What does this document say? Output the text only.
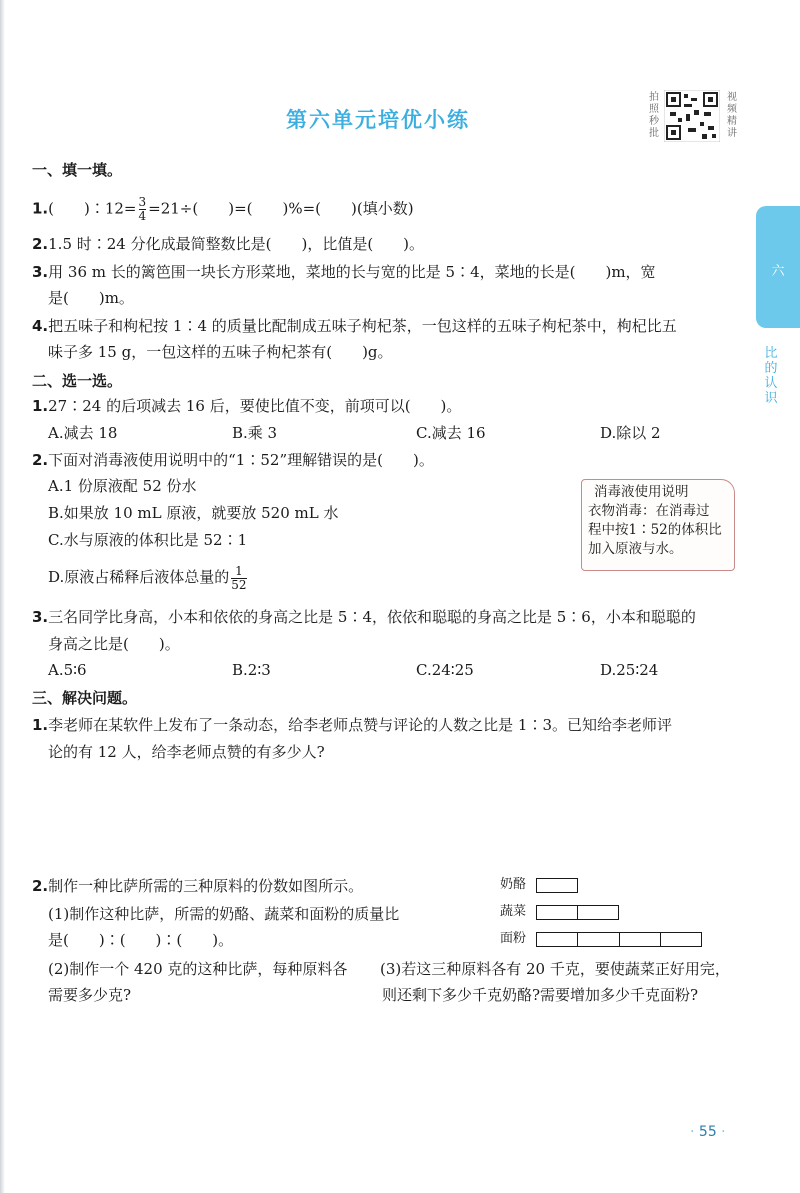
第六单元培优小练
拍照秒批
视频精讲
六
比
的
认
识
一、填一填。
1.(　　)∶12= $\frac{3}{4} =21\div$(　　)=(　　)%=(　　)(填小数)
2.1.5 时∶24 分化成最简整数比是(　　)，比值是(　　)。
3.用 36 m 长的篱笆围一块长方形菜地，菜地的长与宽的比是 5∶4，菜地的长是(　　)m，宽
是(　　)m。
4.把五味子和枸杞按 1∶4 的质量比配制成五味子枸杞茶，一包这样的五味子枸杞茶中，枸杞比五
味子多 15 g，一包这样的五味子枸杞茶有(　　)g。
二、选一选。
1.27∶24 的后项减去 16 后，要使比值不变，前项可以(　　)。
A.减去 18	B.乘 3	C.减去 16	D.除以 2
2.下面对消毒液使用说明中的“1∶52”理解错误的是(　　)。
A.1 份原液配 52 份水
B.如果放 10 mL 原液，就要放 520 mL 水
C.水与原液的体积比是 52∶1
D.原液占稀释后液体总量的 $\frac{1}{52}$
消毒液使用说明
衣物消毒：在消毒过
程中按1∶52的体积比
加入原液与水。
3.三名同学比身高，小本和依依的身高之比是 5∶4，依依和聪聪的身高之比是 5∶6，小本和聪聪的
身高之比是(　　)。
A.5∶6	B.2∶3	C.24∶25	D.25∶24
三、解决问题。
1.李老师在某软件上发布了一条动态，给李老师点赞与评论的人数之比是 1∶3。已知给李老师评
论的有 12 人，给李老师点赞的有多少人?
2.制作一种比萨所需的三种原料的份数如图所示。
(1)制作这种比萨，所需的奶酪、蔬菜和面粉的质量比
是(　　)∶(　　)∶(　　)。
(2)制作一个 420 克的这种比萨，每种原料各
需要多少克?
(3)若这三种原料各有 20 千克，要使蔬菜正好用完，
则还剩下多少千克奶酪?需要增加多少千克面粉?
奶酪
蔬菜
面粉
· 55 ·
